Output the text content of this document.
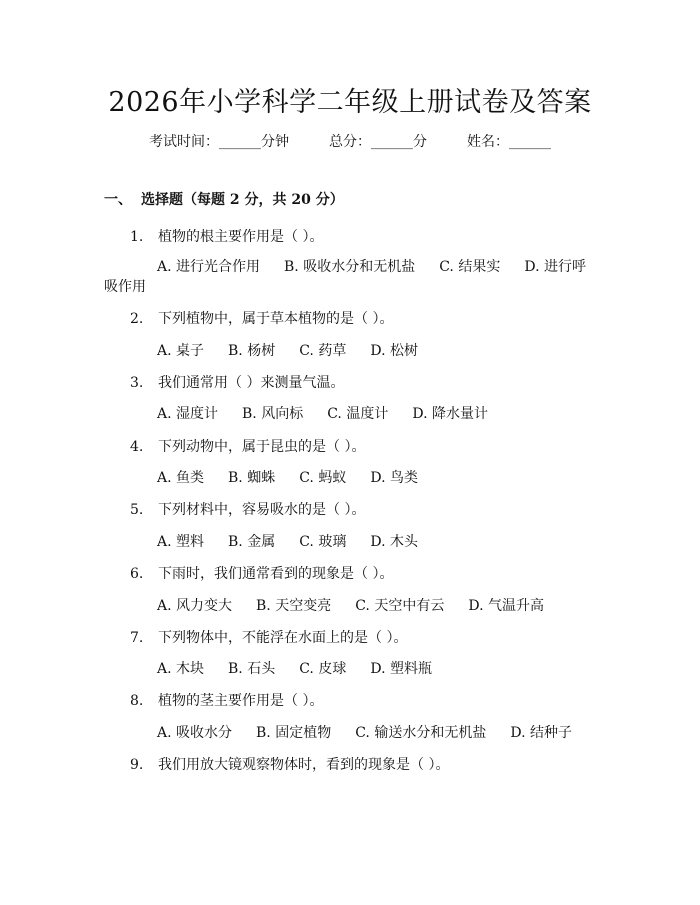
2026年小学科学二年级上册试卷及答案
考试时间：______分钟	总分：______分	姓名：______
一、 选择题（每题 2 分，共 20 分）
1. 植物的根主要作用是（ ）。
A. 进行光合作用 B. 吸收水分和无机盐 C. 结果实 D. 进行呼
吸作用
2. 下列植物中，属于草本植物的是（ ）。
A. 桌子 B. 杨树 C. 药草 D. 松树
3. 我们通常用（ ）来测量气温。
A. 湿度计 B. 风向标 C. 温度计 D. 降水量计
4. 下列动物中，属于昆虫的是（ ）。
A. 鱼类 B. 蜘蛛 C. 蚂蚁 D. 鸟类
5. 下列材料中，容易吸水的是（ ）。
A. 塑料 B. 金属 C. 玻璃 D. 木头
6. 下雨时，我们通常看到的现象是（ ）。
A. 风力变大 B. 天空变亮 C. 天空中有云 D. 气温升高
7. 下列物体中，不能浮在水面上的是（ ）。
A. 木块 B. 石头 C. 皮球 D. 塑料瓶
8. 植物的茎主要作用是（ ）。
A. 吸收水分 B. 固定植物 C. 输送水分和无机盐 D. 结种子
9. 我们用放大镜观察物体时，看到的现象是（ ）。
